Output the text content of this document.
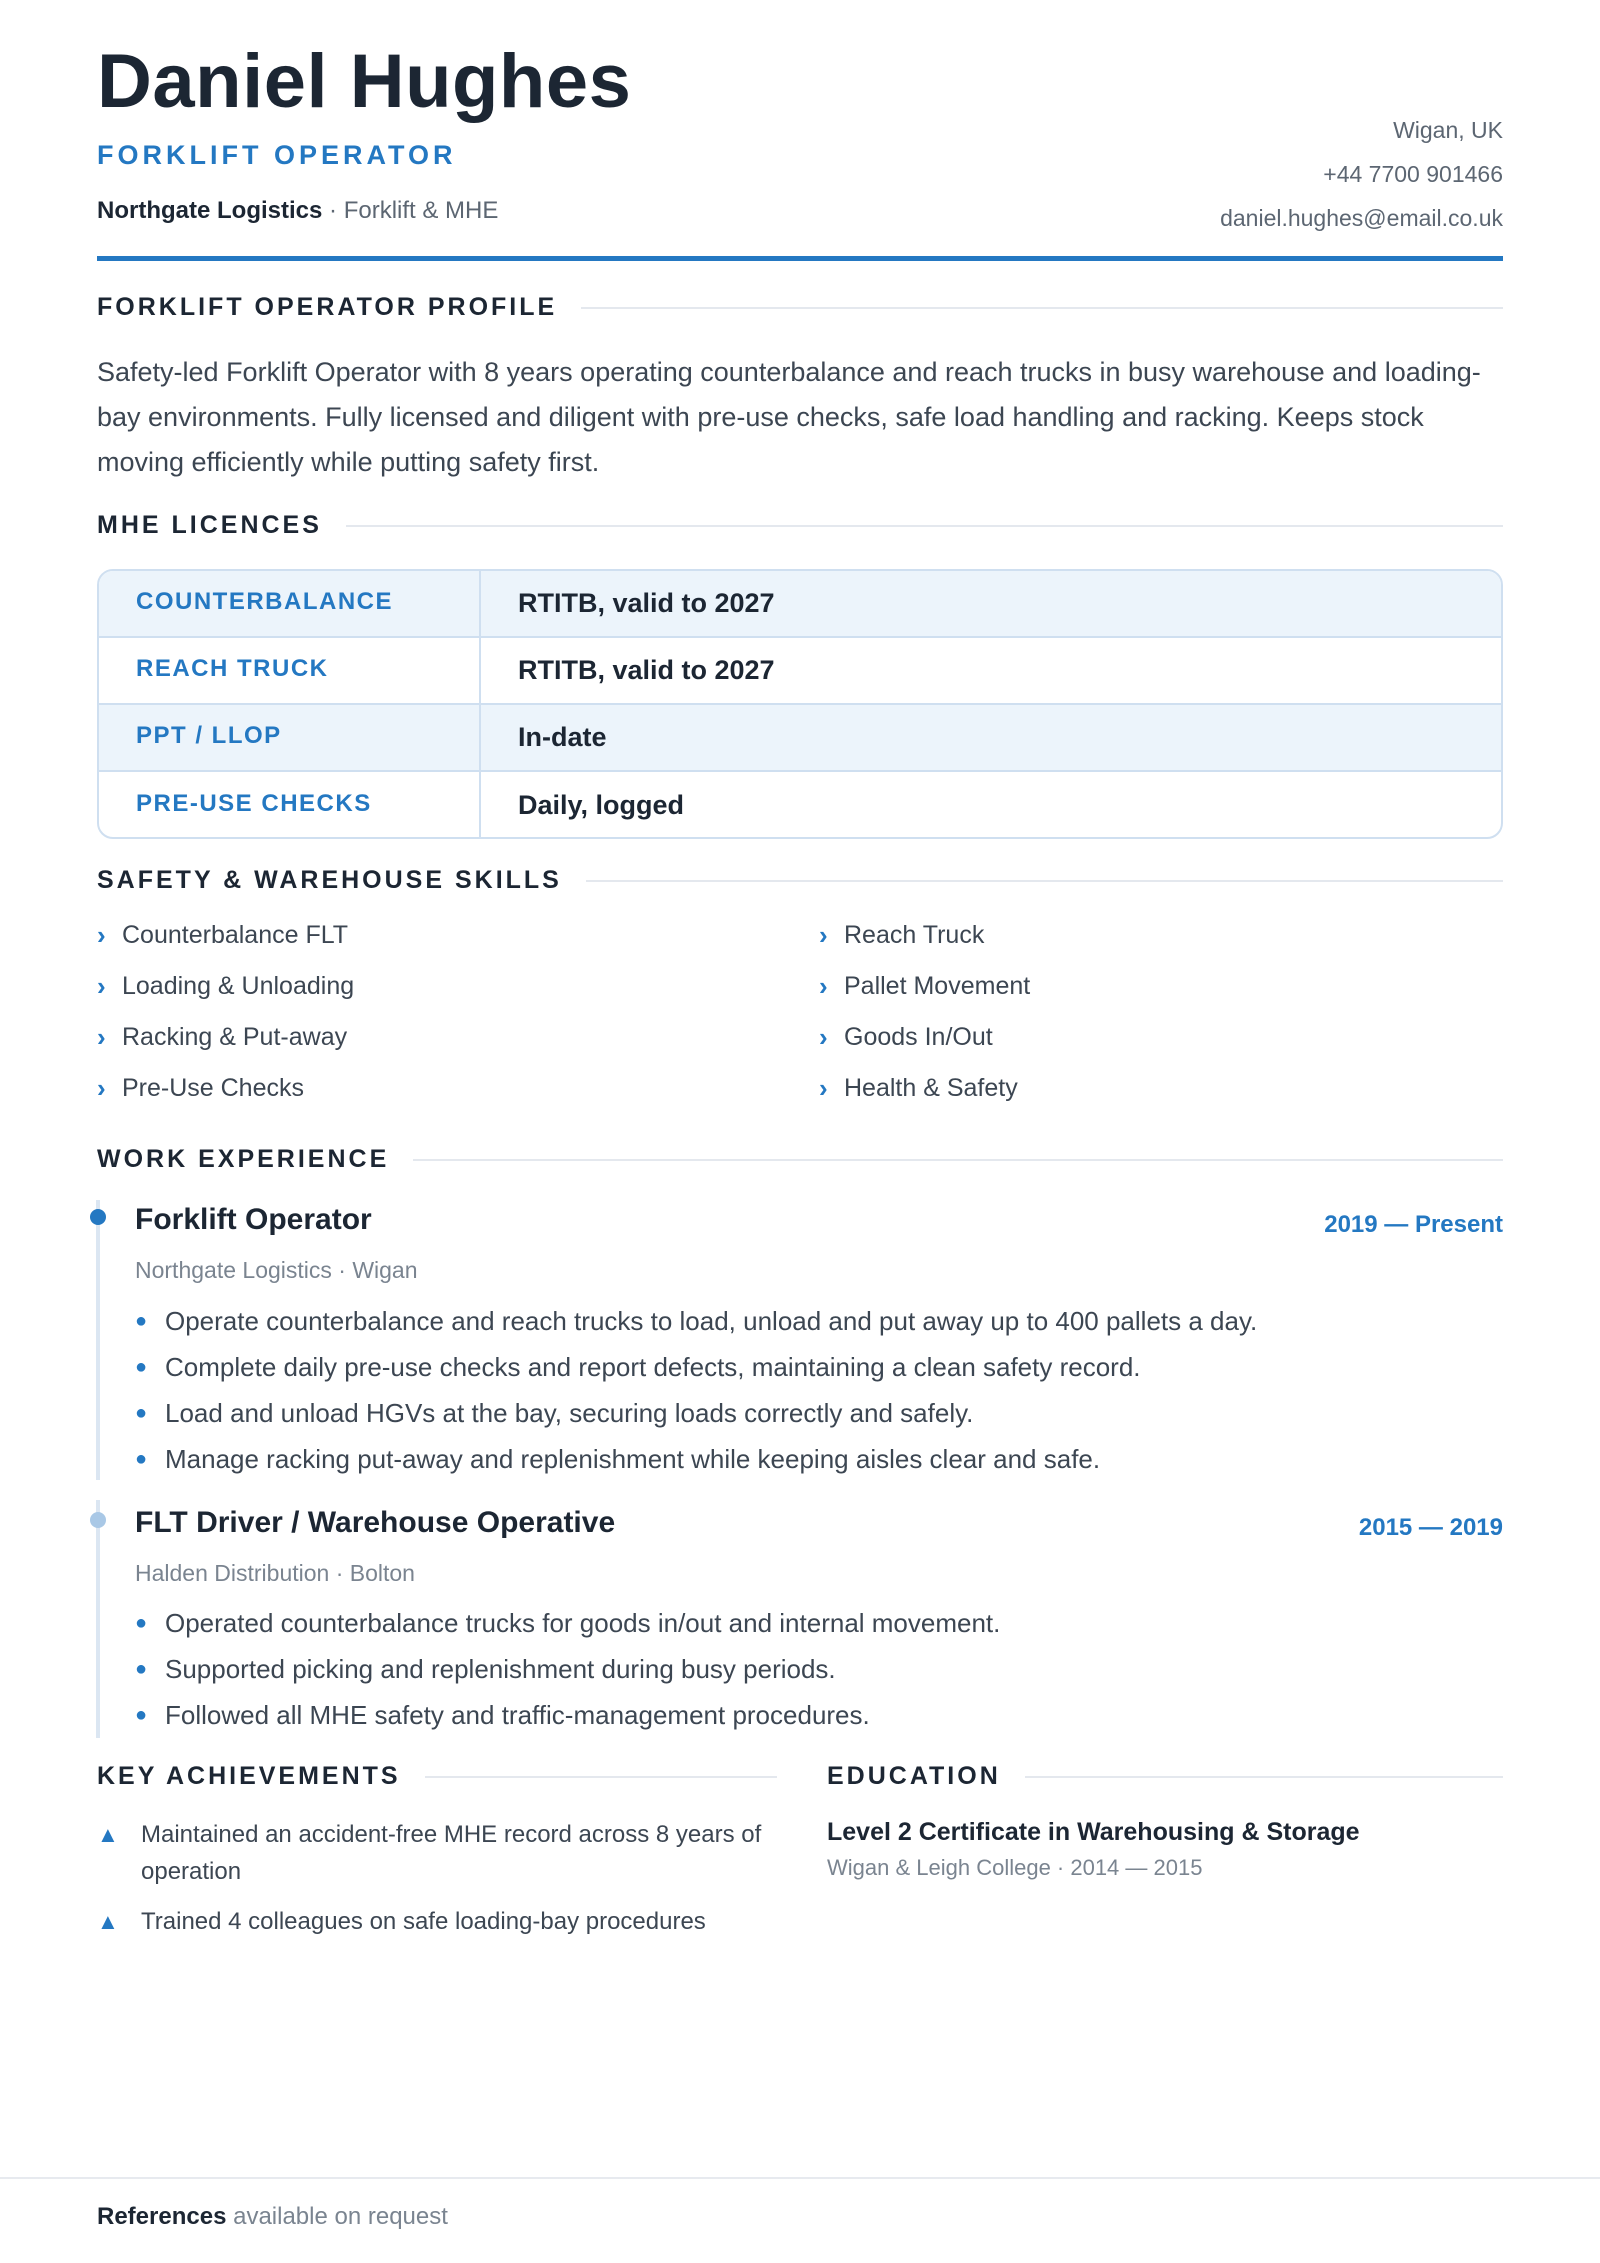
Daniel Hughes
FORKLIFT OPERATOR
Northgate Logistics · Forklift & MHE
Wigan, UK
+44 7700 901466
daniel.hughes@email.co.uk
FORKLIFT OPERATOR PROFILE
Safety-led Forklift Operator with 8 years operating counterbalance and reach trucks in busy warehouse and loading-bay environments. Fully licensed and diligent with pre-use checks, safe load handling and racking. Keeps stock moving efficiently while putting safety first.
MHE LICENCES
COUNTERBALANCE	RTITB, valid to 2027
REACH TRUCK	RTITB, valid to 2027
PPT / LLOP	In-date
PRE-USE CHECKS	Daily, logged
SAFETY & WAREHOUSE SKILLS
› Counterbalance FLT	› Reach Truck
› Loading & Unloading	› Pallet Movement
› Racking & Put-away	› Goods In/Out
› Pre-Use Checks	› Health & Safety
WORK EXPERIENCE
Forklift Operator	2019 — Present
Northgate Logistics · Wigan
● Operate counterbalance and reach trucks to load, unload and put away up to 400 pallets a day.
● Complete daily pre-use checks and report defects, maintaining a clean safety record.
● Load and unload HGVs at the bay, securing loads correctly and safely.
● Manage racking put-away and replenishment while keeping aisles clear and safe.
FLT Driver / Warehouse Operative	2015 — 2019
Halden Distribution · Bolton
● Operated counterbalance trucks for goods in/out and internal movement.
● Supported picking and replenishment during busy periods.
● Followed all MHE safety and traffic-management procedures.
KEY ACHIEVEMENTS
▲ Maintained an accident-free MHE record across 8 years of operation
▲ Trained 4 colleagues on safe loading-bay procedures
EDUCATION
Level 2 Certificate in Warehousing & Storage
Wigan & Leigh College · 2014 — 2015
References available on request
